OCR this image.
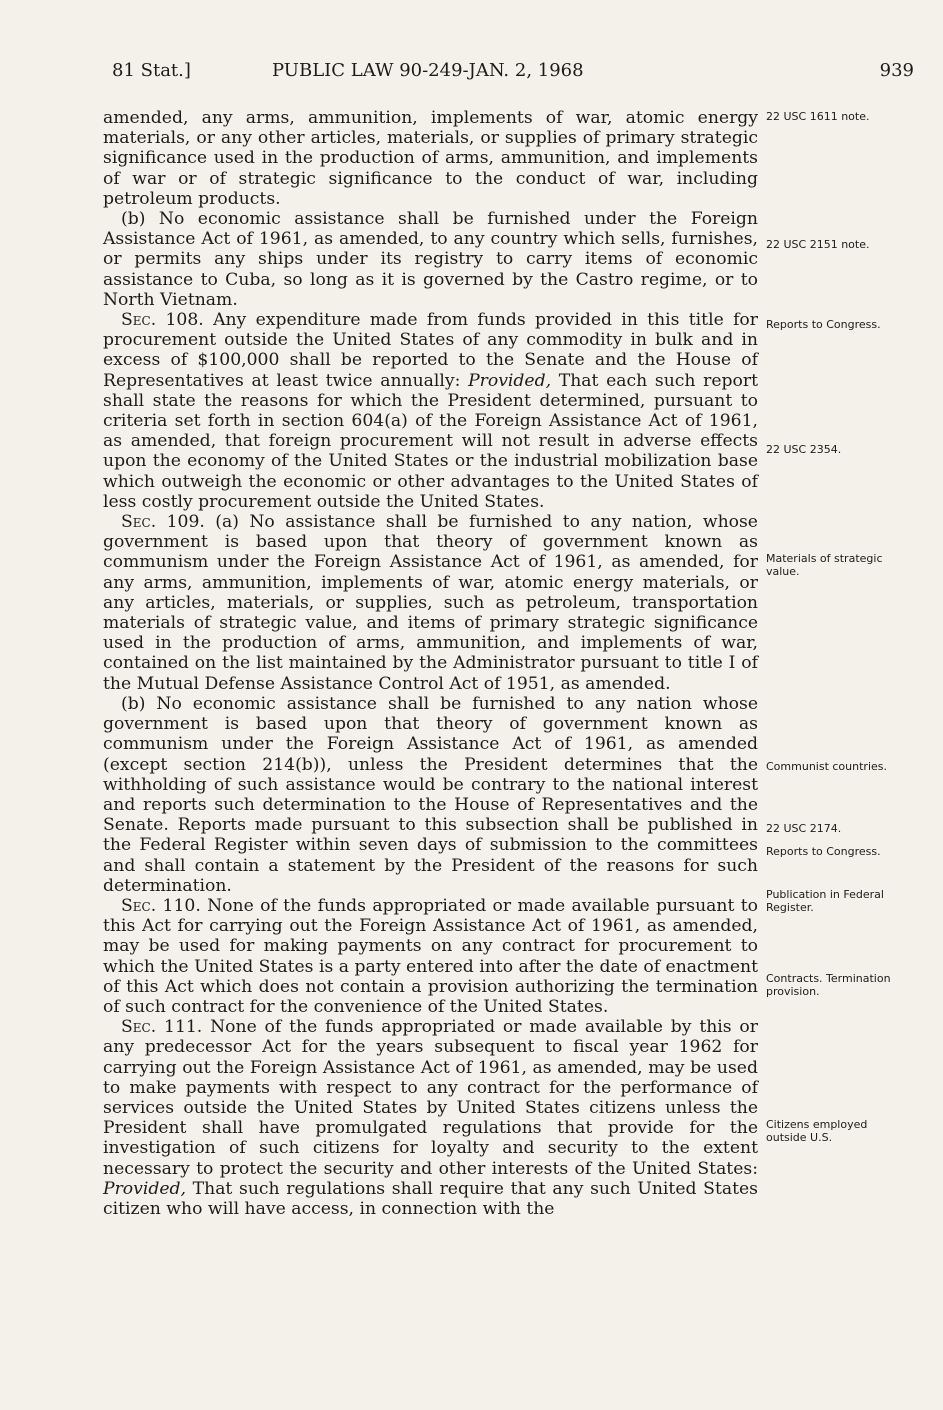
81 Stat.]	PUBLIC LAW 90-249-JAN. 2, 1968	939

amended, any arms, ammunition, implements of war, atomic energy materials, or any other articles, materials, or supplies of primary strategic significance used in the production of arms, ammunition, and implements of war or of strategic significance to the conduct of war, including petroleum products.

(b) No economic assistance shall be furnished under the Foreign Assistance Act of 1961, as amended, to any country which sells, furnishes, or permits any ships under its registry to carry items of economic assistance to Cuba, so long as it is governed by the Castro regime, or to North Vietnam.

Sec. 108. Any expenditure made from funds provided in this title for procurement outside the United States of any commodity in bulk and in excess of $100,000 shall be reported to the Senate and the House of Representatives at least twice annually: Provided, That each such report shall state the reasons for which the President determined, pursuant to criteria set forth in section 604(a) of the Foreign Assistance Act of 1961, as amended, that foreign procurement will not result in adverse effects upon the economy of the United States or the industrial mobilization base which outweigh the economic or other advantages to the United States of less costly procurement outside the United States.

Sec. 109. (a) No assistance shall be furnished to any nation, whose government is based upon that theory of government known as communism under the Foreign Assistance Act of 1961, as amended, for any arms, ammunition, implements of war, atomic energy materials, or any articles, materials, or supplies, such as petroleum, transportation materials of strategic value, and items of primary strategic significance used in the production of arms, ammunition, and implements of war, contained on the list maintained by the Administrator pursuant to title I of the Mutual Defense Assistance Control Act of 1951, as amended.

(b) No economic assistance shall be furnished to any nation whose government is based upon that theory of government known as communism under the Foreign Assistance Act of 1961, as amended (except section 214(b)), unless the President determines that the withholding of such assistance would be contrary to the national interest and reports such determination to the House of Representatives and the Senate. Reports made pursuant to this subsection shall be published in the Federal Register within seven days of submission to the committees and shall contain a statement by the President of the reasons for such determination.

Sec. 110. None of the funds appropriated or made available pursuant to this Act for carrying out the Foreign Assistance Act of 1961, as amended, may be used for making payments on any contract for procurement to which the United States is a party entered into after the date of enactment of this Act which does not contain a provision authorizing the termination of such contract for the convenience of the United States.

Sec. 111. None of the funds appropriated or made available by this or any predecessor Act for the years subsequent to fiscal year 1962 for carrying out the Foreign Assistance Act of 1961, as amended, may be used to make payments with respect to any contract for the performance of services outside the United States by United States citizens unless the President shall have promulgated regulations that provide for the investigation of such citizens for loyalty and security to the extent necessary to protect the security and other interests of the United States: Provided, That such regulations shall require that any such United States citizen who will have access, in connection with the

22 USC 1611 note.
22 USC 2151 note.
Reports to Congress.
22 USC 2354.
Materials of strategic value.
Communist countries.
22 USC 2174.
Reports to Congress.
Publication in Federal Register.
Contracts. Termination provision.
Citizens employed outside U.S.
